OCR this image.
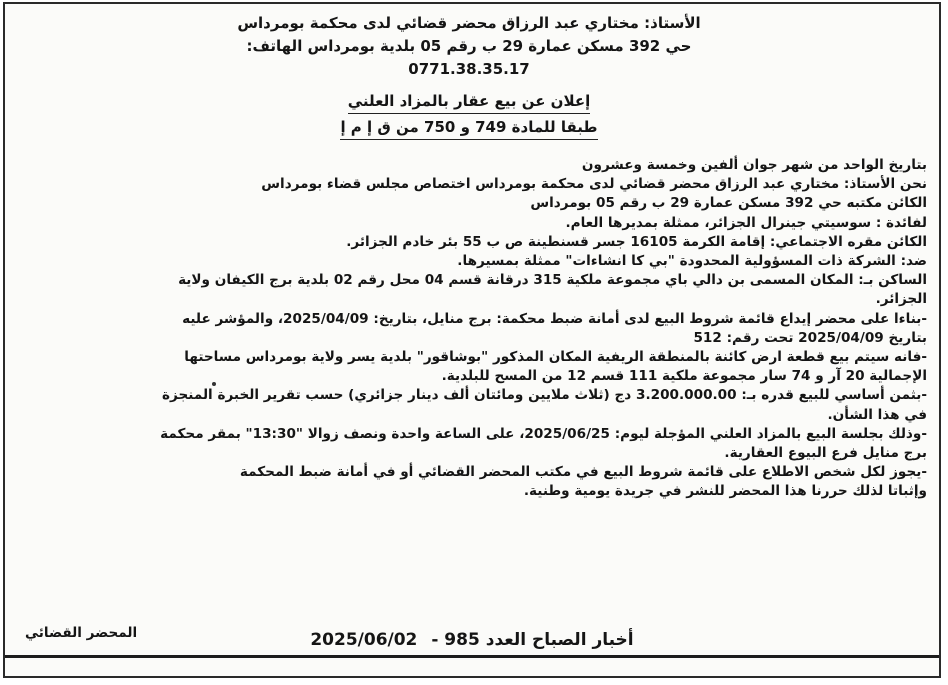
الأستاذ: مختاري عبد الرزاق محضر قضائي لدى محكمة بومرداس
حي 392 مسكن عمارة 29 ب رقم 05 بلدية بومرداس الهاتف: 0771.38.35.17
إعلان عن بيع عقار بالمزاد العلني
طبقا للمادة 749 و 750 من ق إ م إ

بتاريخ الواحد من شهر جوان ألفين وخمسة وعشرون

نحن الأستاذ: مختاري عبد الرزاق محضر قضائي لدى محكمة بومرداس اختصاص مجلس قضاء بومرداس

الكائن مكتبه حي 392 مسكن عمارة 29 ب رقم 05 بومرداس

لفائدة : سوسيتي جينرال الجزائر، ممثلة بمديرها العام.

الكائن مقره الاجتماعي: إقامة الكرمة 16105 جسر قسنطينة ص ب 55 بئر خادم الجزائر.

ضد: الشركة ذات المسؤولية المحدودة "بي كا انشاءات" ممثلة بمسيرها.

الساكن بـ: المكان المسمى بن دالي باي مجموعة ملكية 315 درقانة قسم 04 محل رقم 02 بلدية برج الكيفان ولاية

الجزائر.

-بناءا على محضر إيداع قائمة شروط البيع لدى أمانة ضبط محكمة: برج منايل، بتاريخ: 2025/04/09، والمؤشر عليه

بتاريخ 2025/04/09 تحت رقم: 512

-فانه سيتم بيع قطعة ارض كائنة بالمنطقة الريفية المكان المذكور "بوشاقور" بلدية يسر ولاية بومرداس مساحتها

الإجمالية 20 آر و 74 سار مجموعة ملكية 111 قسم 12 من المسح للبلدية.

-بثمن أساسي للبيع قدره بـ: 3.200.000.00 دج (ثلاث ملايين ومائتان ألف دينار جزائري) حسب تقرير الخبرة المنجزة

في هذا الشأن.

-وذلك بجلسة البيع بالمزاد العلني المؤجلة ليوم: 2025/06/25، على الساعة واحدة ونصف زوالا "13:30" بمقر محكمة

برج منايل فرع البيوع العقارية.

-يجوز لكل شخص الاطلاع على قائمة شروط البيع في مكتب المحضر القضائي أو في أمانة ضبط المحكمة

وإثباتا لذلك حررنا هذا المحضر للنشر في جريدة يومية وطنية.

المحضر القضائي	أخبار الصباح العدد 985 - 2025/06/02
